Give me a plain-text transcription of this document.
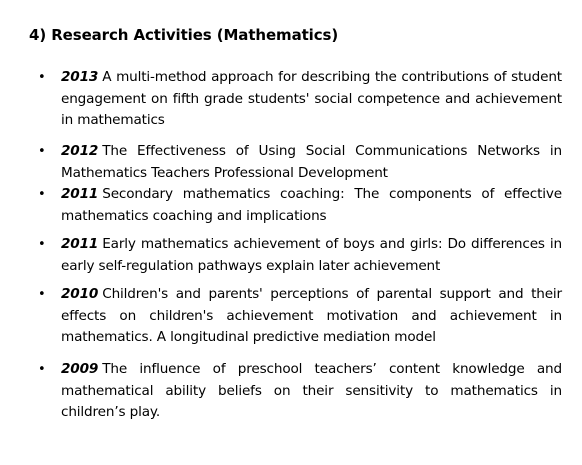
4) Research Activities (Mathematics)
• 2013 A multi-method approach for describing the contributions of student engagement on fifth grade students' social competence and achievement in mathematics
• 2012 The Effectiveness of Using Social Communications Networks in Mathematics Teachers Professional Development
• 2011 Secondary mathematics coaching: The components of effective mathematics coaching and implications
• 2011 Early mathematics achievement of boys and girls: Do differences in early self-regulation pathways explain later achievement
• 2010 Children's and parents' perceptions of parental support and their effects on children's achievement motivation and achievement in mathematics. A longitudinal predictive mediation model
• 2009 The influence of preschool teachers’ content knowledge and mathematical ability beliefs on their sensitivity to mathematics in children’s play.
